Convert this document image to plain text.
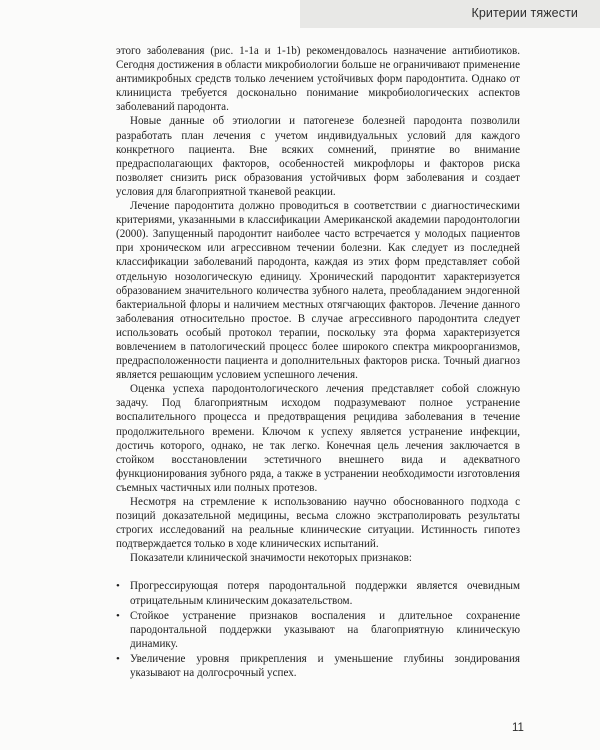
Критерии тяжести

этого заболевания (рис. 1-1а и 1-1b) рекомендовалось назначение антибиотиков. Сегодня достижения в области микробиологии больше не ограничивают применение антимикробных средств только лечением устойчивых форм пародонтита. Однако от клинициста требуется досконально понимание микробиологических аспектов заболеваний пародонта.

Новые данные об этиологии и патогенезе болезней пародонта позволили разработать план лечения с учетом индивидуальных условий для каждого конкретного пациента. Вне всяких сомнений, принятие во внимание предрасполагающих факторов, особенностей микрофлоры и факторов риска позволяет снизить риск образования устойчивых форм заболевания и создает условия для благоприятной тканевой реакции.

Лечение пародонтита должно проводиться в соответствии с диагностическими критериями, указанными в классификации Американской академии пародонтологии (2000). Запущенный пародонтит наиболее часто встречается у молодых пациентов при хроническом или агрессивном течении болезни. Как следует из последней классификации заболеваний пародонта, каждая из этих форм представляет собой отдельную нозологическую единицу. Хронический пародонтит характеризуется образованием значительного количества зубного налета, преобладанием эндогенной бактериальной флоры и наличием местных отягчающих факторов. Лечение данного заболевания относительно простое. В случае агрессивного пародонтита следует использовать особый протокол терапии, поскольку эта форма характеризуется вовлечением в патологический процесс более широкого спектра микроорганизмов, предрасположенности пациента и дополнительных факторов риска. Точный диагноз является решающим условием успешного лечения.

Оценка успеха пародонтологического лечения представляет собой сложную задачу. Под благоприятным исходом подразумевают полное устранение воспалительного процесса и предотвращения рецидива заболевания в течение продолжительного времени. Ключом к успеху является устранение инфекции, достичь которого, однако, не так легко. Конечная цель лечения заключается в стойком восстановлении эстетичного внешнего вида и адекватного функционирования зубного ряда, а также в устранении необходимости изготовления съемных частичных или полных протезов.

Несмотря на стремление к использованию научно обоснованного подхода с позиций доказательной медицины, весьма сложно экстраполировать результаты строгих исследований на реальные клинические ситуации. Истинность гипотез подтверждается только в ходе клинических испытаний.

Показатели клинической значимости некоторых признаков:

• Прогрессирующая потеря пародонтальной поддержки является очевидным отрицательным клиническим доказательством.
• Стойкое устранение признаков воспаления и длительное сохранение пародонтальной поддержки указывают на благоприятную клиническую динамику.
• Увеличение уровня прикрепления и уменьшение глубины зондирования указывают на долгосрочный успех.
11
